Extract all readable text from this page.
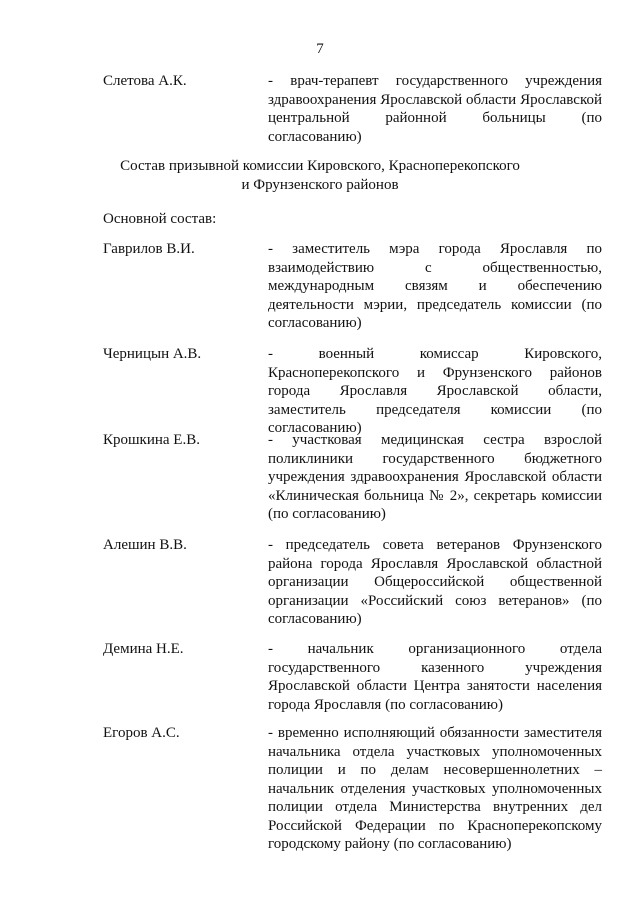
7
Слетова А.К.	- врач-терапевт государственного учреждения здравоохранения Ярославской области Ярославской центральной районной больницы (по согласованию)
Состав призывной комиссии Кировского, Красноперекопского
и Фрунзенского районов
Основной состав:
Гаврилов В.И.	- заместитель мэра города Ярославля по взаимодействию с общественностью, международным связям и обеспечению деятельности мэрии, председатель комиссии (по согласованию)
Черницын А.В.	- военный комиссар Кировского, Красноперекопского и Фрунзенского районов города Ярославля Ярославской области, заместитель председателя комиссии (по согласованию)
Крошкина Е.В.	- участковая медицинская сестра взрослой поликлиники государственного бюджетного учреждения здравоохранения Ярославской области «Клиническая больница № 2», секретарь комиссии (по согласованию)
Алешин В.В.	- председатель совета ветеранов Фрунзенского района города Ярославля Ярославской областной организации Общероссийской общественной организации «Российский союз ветеранов» (по согласованию)
Демина Н.Е.	- начальник организационного отдела государственного казенного учреждения Ярославской области Центра занятости населения города Ярославля (по согласованию)
Егоров А.С.	- временно исполняющий обязанности заместителя начальника отдела участковых уполномоченных полиции и по делам несовершеннолетних – начальник отделения участковых уполномоченных полиции отдела Министерства внутренних дел Российской Федерации по Красноперекопскому городскому району (по согласованию)
